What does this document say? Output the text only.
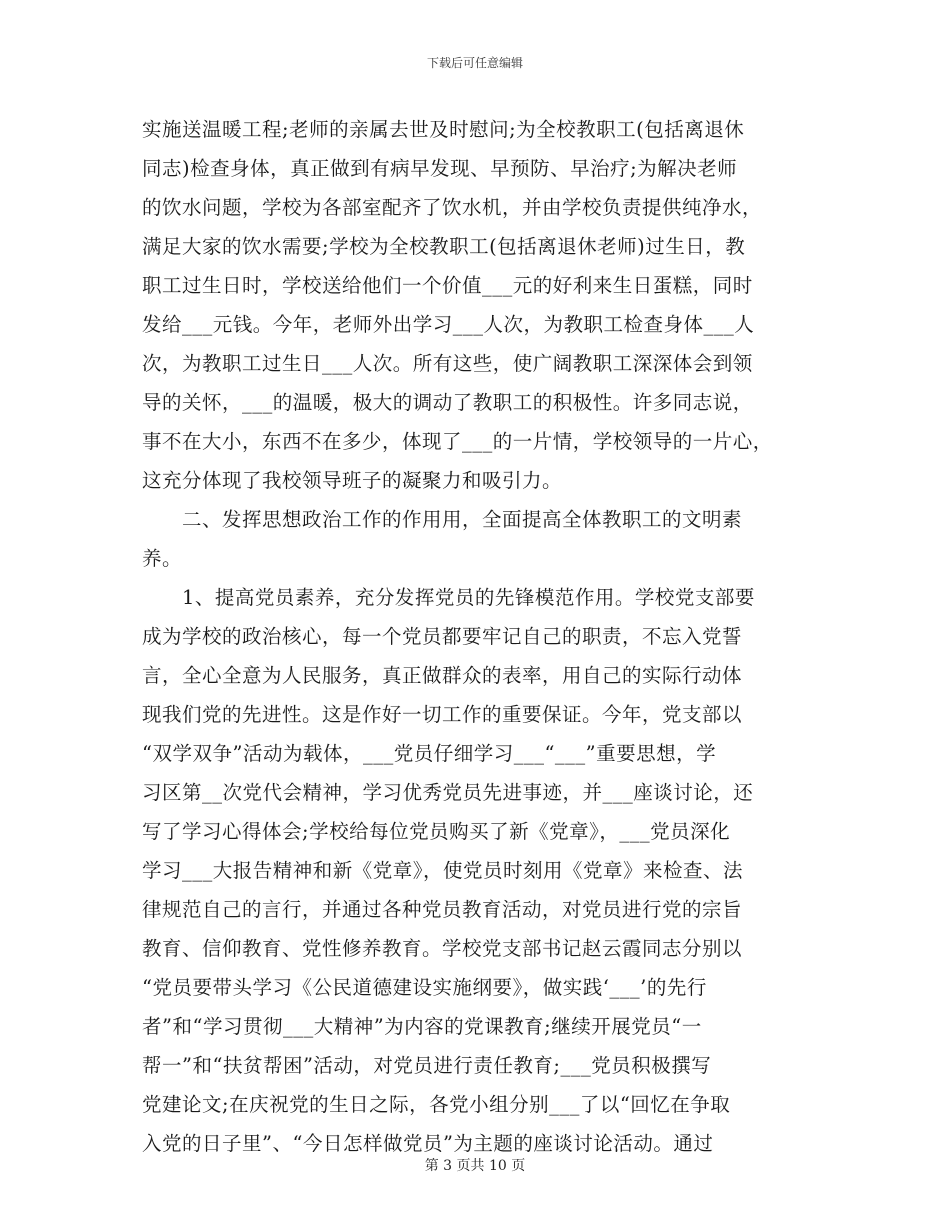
下载后可任意编辑
实施送温暖工程;老师的亲属去世及时慰问;为全校教职工(包括离退休
同志)检查身体，真正做到有病早发现、早预防、早治疗;为解决老师
的饮水问题，学校为各部室配齐了饮水机，并由学校负责提供纯净水，
满足大家的饮水需要;学校为全校教职工(包括离退休老师)过生日，教
职工过生日时，学校送给他们一个价值___元的好利来生日蛋糕，同时
发给___元钱。今年，老师外出学习___人次，为教职工检查身体___人
次，为教职工过生日___人次。所有这些，使广阔教职工深深体会到领
导的关怀，___的温暖，极大的调动了教职工的积极性。许多同志说，
事不在大小，东西不在多少，体现了___的一片情，学校领导的一片心，
这充分体现了我校领导班子的凝聚力和吸引力。
二、发挥思想政治工作的作用用，全面提高全体教职工的文明素
养。
1、提高党员素养，充分发挥党员的先锋模范作用。学校党支部要
成为学校的政治核心，每一个党员都要牢记自己的职责，不忘入党誓
言，全心全意为人民服务，真正做群众的表率，用自己的实际行动体
现我们党的先进性。这是作好一切工作的重要保证。今年，党支部以
“双学双争”活动为载体，___党员仔细学习___“___”重要思想，学
习区第__次党代会精神，学习优秀党员先进事迹，并___座谈讨论，还
写了学习心得体会;学校给每位党员购买了新《党章》，___党员深化
学习___大报告精神和新《党章》，使党员时刻用《党章》来检查、法
律规范自己的言行，并通过各种党员教育活动，对党员进行党的宗旨
教育、信仰教育、党性修养教育。学校党支部书记赵云霞同志分别以
“党员要带头学习《公民道德建设实施纲要》，做实践‘___’的先行
者”和“学习贯彻___大精神”为内容的党课教育;继续开展党员“一
帮一”和“扶贫帮困”活动，对党员进行责任教育;___党员积极撰写
党建论文;在庆祝党的生日之际，各党小组分别___了以“回忆在争取
入党的日子里”、“今日怎样做党员”为主题的座谈讨论活动。通过
第 3 页共 10 页
